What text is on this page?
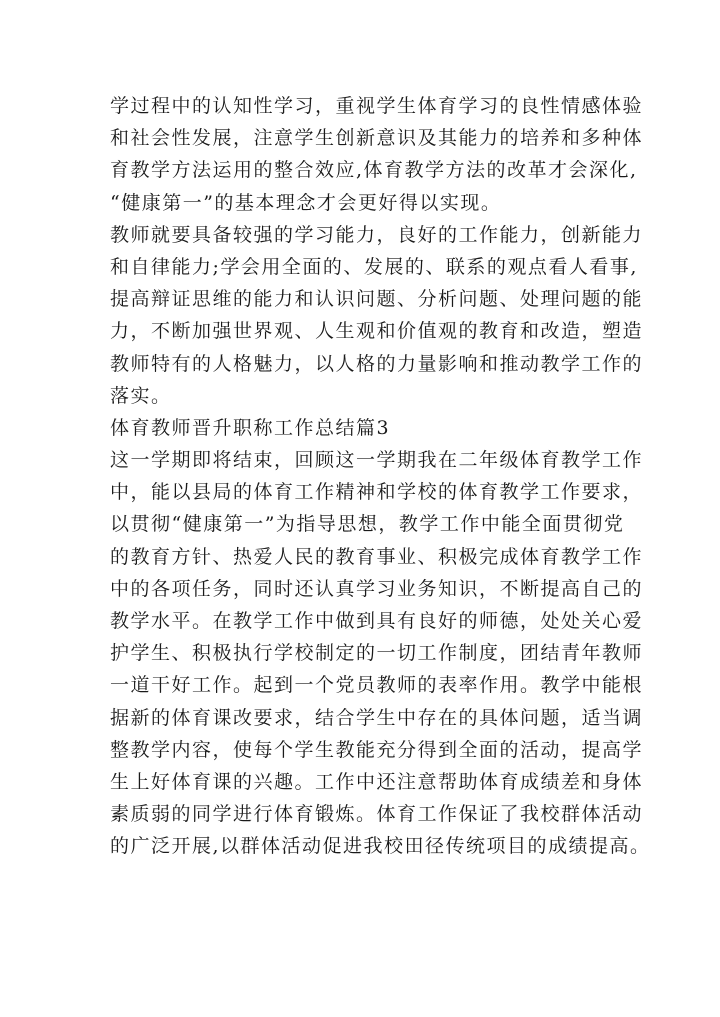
学过程中的认知性学习，重视学生体育学习的良性情感体验
和社会性发展，注意学生创新意识及其能力的培养和多种体
育教学方法运用的整合效应,体育教学方法的改革才会深化,
“健康第一”的基本理念才会更好得以实现。
教师就要具备较强的学习能力，良好的工作能力，创新能力
和自律能力;学会用全面的、发展的、联系的观点看人看事,
提高辩证思维的能力和认识问题、分析问题、处理问题的能
力，不断加强世界观、人生观和价值观的教育和改造，塑造
教师特有的人格魅力，以人格的力量影响和推动教学工作的
落实。
体育教师晋升职称工作总结篇3
这一学期即将结束，回顾这一学期我在二年级体育教学工作
中，能以县局的体育工作精神和学校的体育教学工作要求，
以贯彻“健康第一”为指导思想，教学工作中能全面贯彻党
的教育方针、热爱人民的教育事业、积极完成体育教学工作
中的各项任务，同时还认真学习业务知识，不断提高自己的
教学水平。在教学工作中做到具有良好的师德，处处关心爱
护学生、积极执行学校制定的一切工作制度，团结青年教师
一道干好工作。起到一个党员教师的表率作用。教学中能根
据新的体育课改要求，结合学生中存在的具体问题，适当调
整教学内容，使每个学生教能充分得到全面的活动，提高学
生上好体育课的兴趣。工作中还注意帮助体育成绩差和身体
素质弱的同学进行体育锻炼。体育工作保证了我校群体活动
的广泛开展,以群体活动促进我校田径传统项目的成绩提高。
